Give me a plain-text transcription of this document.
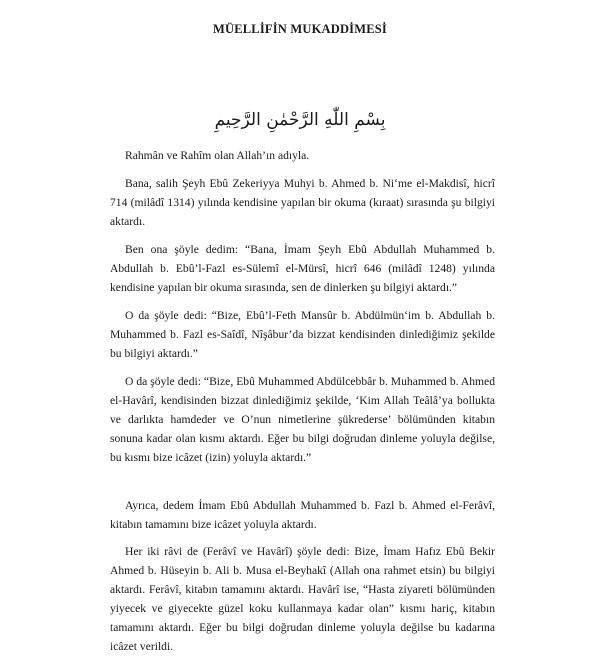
MÜELLİFİN MUKADDİMESİ
بِسْمِ اللّٰهِ الرَّحْمٰنِ الرَّحِيمِ

Rahmân ve Rahîm olan Allah’ın adıyla.

Bana, salih Şeyh Ebû Zekeriyya Muhyi b. Ahmed b. Ni‘me el-Makdisî, hicrî 714 (milâdî 1314) yılında kendisine yapılan bir okuma (kıraat) sırasında şu bilgiyi aktardı.

Ben ona şöyle dedim: “Bana, İmam Şeyh Ebû Abdullah Muhammed b. Abdullah b. Ebû’l-Fazl es-Sülemî el-Mürsî, hicrî 646 (milâdî 1248) yılında kendisine yapılan bir okuma sırasında, sen de dinlerken şu bilgiyi aktardı.”

O da şöyle dedi: “Bize, Ebû’l-Feth Mansûr b. Abdülmün‘im b. Abdullah b. Muhammed b. Fazl es-Saîdî, Nîşâbur’da bizzat kendisinden dinlediğimiz şekilde bu bilgiyi aktardı.”

O da şöyle dedi: “Bize, Ebû Muhammed Abdülcebbâr b. Muhammed b. Ahmed el-Havârî, kendisinden bizzat dinlediğimiz şekilde, ‘Kim Allah Teâlâ’ya bollukta ve darlıkta hamdeder ve O’nun nimetlerine şükrederse’ bölümünden kitabın sonuna kadar olan kısmı aktardı. Eğer bu bilgi doğrudan dinleme yoluyla değilse, bu kısmı bize icâzet (izin) yoluyla aktardı.”

Ayrıca, dedem İmam Ebû Abdullah Muhammed b. Fazl b. Ahmed el-Ferâvî, kitabın tamamını bize icâzet yoluyla aktardı.

Her iki râvi de (Ferâvî ve Havârî) şöyle dedi: Bize, İmam Hafız Ebû Bekir Ahmed b. Hüseyin b. Ali b. Musa el-Beyhakî (Allah ona rahmet etsin) bu bilgiyi aktardı. Ferâvî, kitabın tamamını aktardı. Havârî ise, “Hasta ziyareti bölümünden yiyecek ve giyecekte güzel koku kullanmaya kadar olan” kısmı hariç, kitabın tamamını aktardı. Eğer bu bilgi doğrudan dinleme yoluyla değilse bu kadarına icâzet verildi.
